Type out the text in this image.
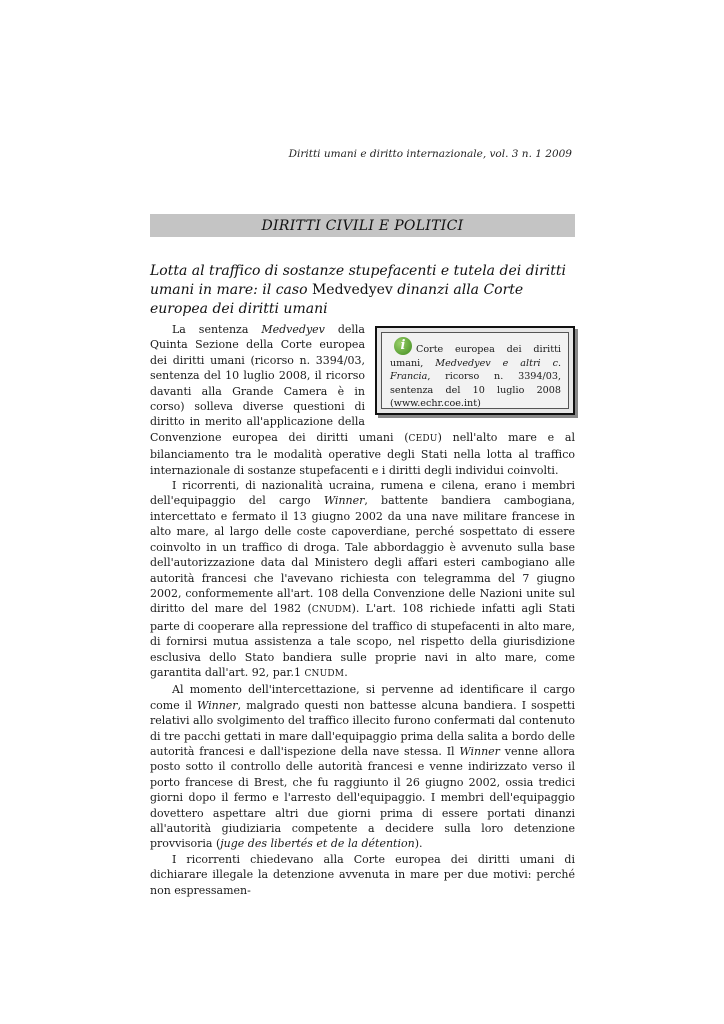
Diritti umani e diritto internazionale, vol. 3 n. 1 2009
DIRITTI CIVILI E POLITICI
Lotta al traffico di sostanze stupefacenti e tutela dei diritti umani in mare: il caso Medvedyev dinanzi alla Corte europea dei diritti umani
i	Corte europea dei diritti umani, Medvedyev e altri c. Francia, ricorso n. 3394/03, sentenza del 10 luglio 2008 (www.echr.coe.int)

La sentenza Medvedyev della Quinta Sezione della Corte europea dei diritti umani (ricorso n. 3394/03, sentenza del 10 luglio 2008, il ricorso davanti alla Grande Camera è in corso) solleva diverse questioni di diritto in merito all'applicazione della Convenzione europea dei diritti umani (CEDU) nell'alto mare e al bilanciamento tra le modalità operative degli Stati nella lotta al traffico internazionale di sostanze stupefacenti e i diritti degli individui coinvolti.

I ricorrenti, di nazionalità ucraina, rumena e cilena, erano i membri dell'equipaggio del cargo Winner, battente bandiera cambogiana, intercettato e fermato il 13 giugno 2002 da una nave militare francese in alto mare, al largo delle coste capoverdiane, perché sospettato di essere coinvolto in un traffico di droga. Tale abbordaggio è avvenuto sulla base dell'autorizzazione data dal Ministero degli affari esteri cambogiano alle autorità francesi che l'avevano richiesta con telegramma del 7 giugno 2002, conformemente all'art. 108 della Convenzione delle Nazioni unite sul diritto del mare del 1982 (CNUDM). L'art. 108 richiede infatti agli Stati parte di cooperare alla repressione del traffico di stupefacenti in alto mare, di fornirsi mutua assistenza a tale scopo, nel rispetto della giurisdizione esclusiva dello Stato bandiera sulle proprie navi in alto mare, come garantita dall'art. 92, par.1 CNUDM.

Al momento dell'intercettazione, si pervenne ad identificare il cargo come il Winner, malgrado questi non battesse alcuna bandiera. I sospetti relativi allo svolgimento del traffico illecito furono confermati dal contenuto di tre pacchi gettati in mare dall'equipaggio prima della salita a bordo delle autorità francesi e dall'ispezione della nave stessa. Il Winner venne allora posto sotto il controllo delle autorità francesi e venne indirizzato verso il porto francese di Brest, che fu raggiunto il 26 giugno 2002, ossia tredici giorni dopo il fermo e l'arresto dell'equipaggio. I membri dell'equipaggio dovettero aspettare altri due giorni prima di essere portati dinanzi all'autorità giudiziaria competente a decidere sulla loro detenzione provvisoria (juge des libertés et de la détention).

I ricorrenti chiedevano alla Corte europea dei diritti umani di dichiarare illegale la detenzione avvenuta in mare per due motivi: perché non espressamen-
